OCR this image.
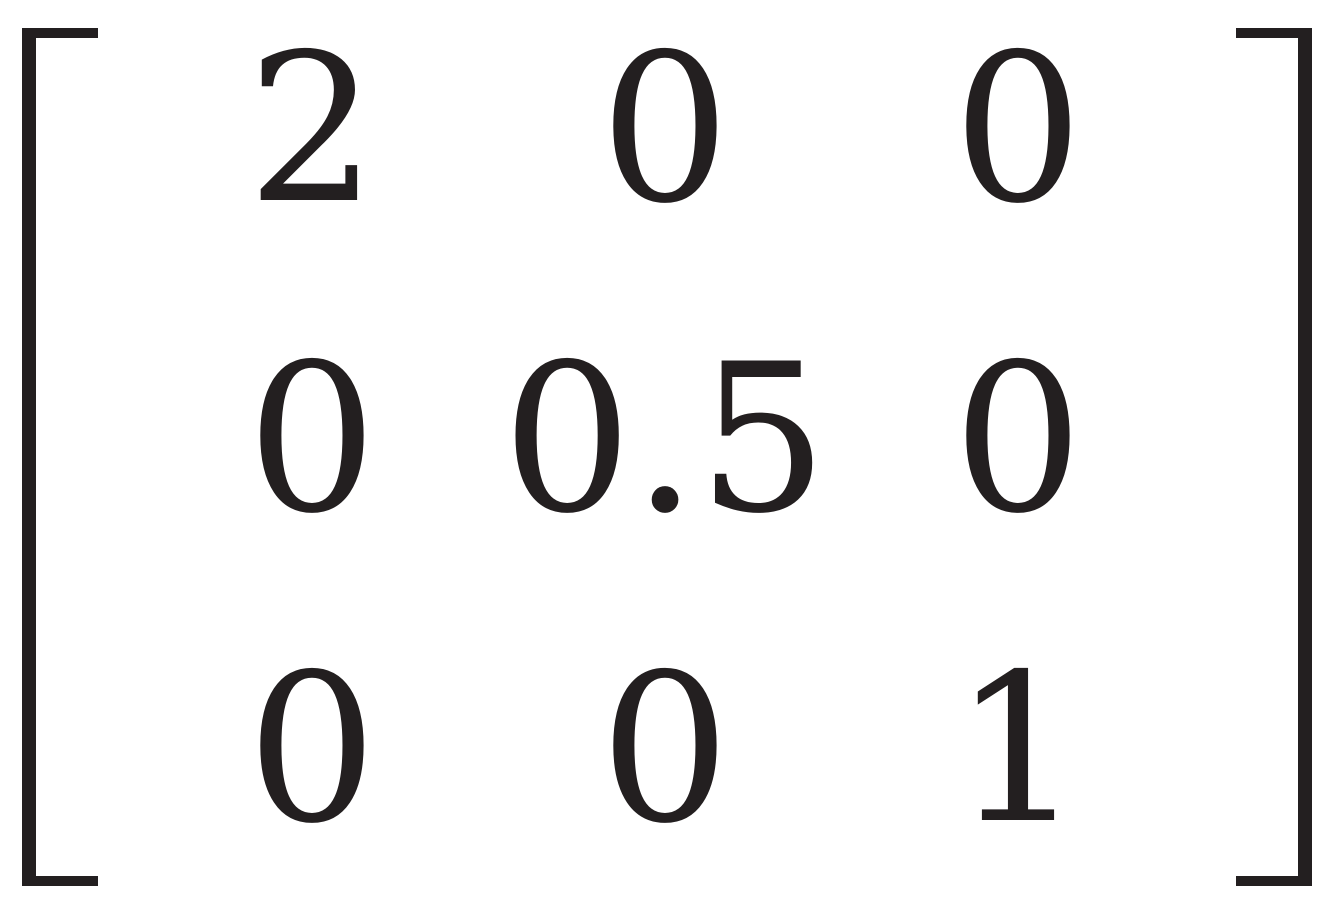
2	0	0
0 0.5 0
0	0	1
